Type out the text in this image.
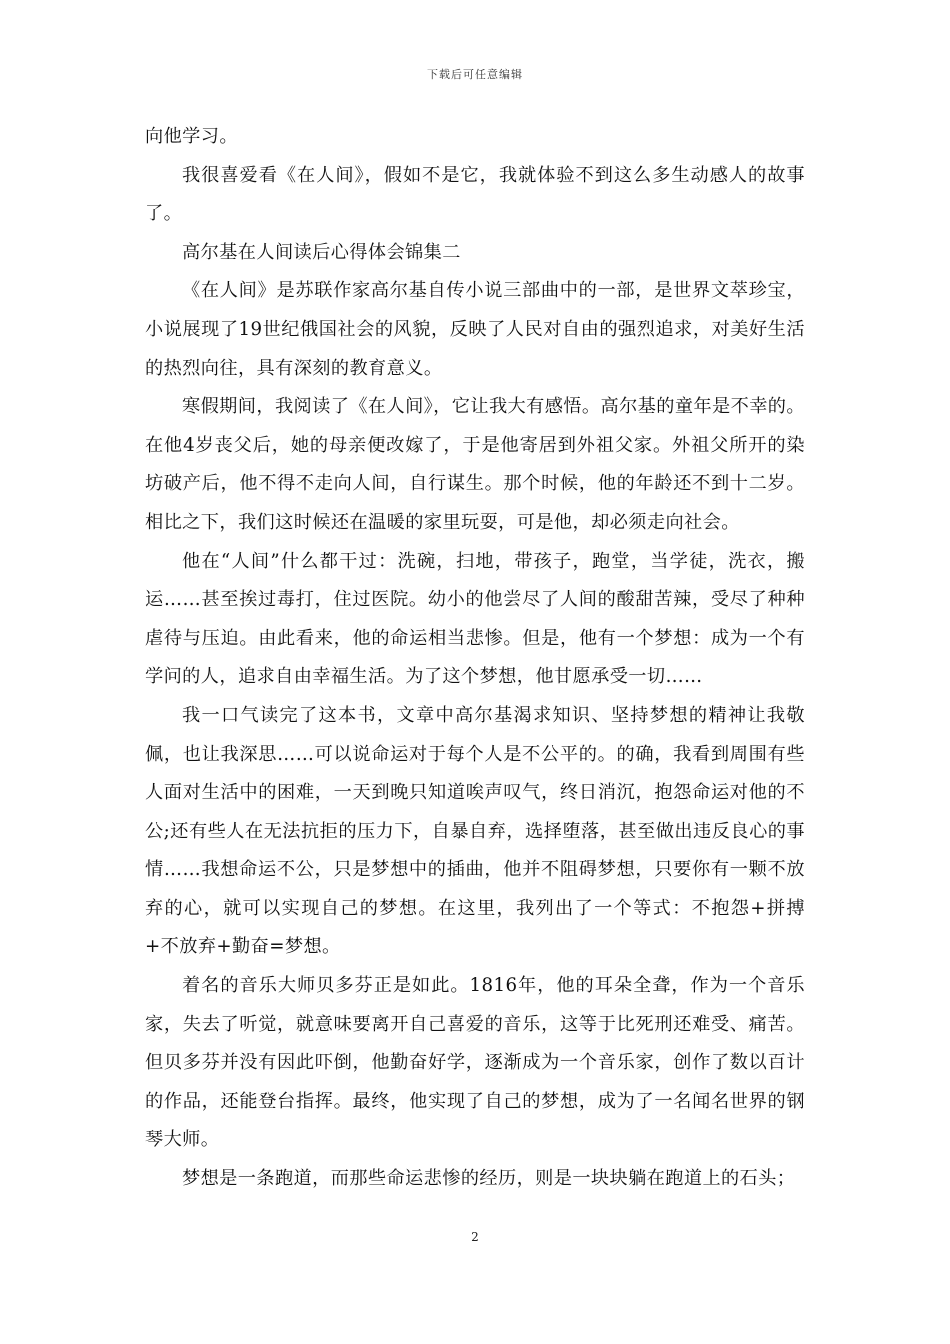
下载后可任意编辑

向他学习。

我很喜爱看《在人间》，假如不是它，我就体验不到这么多生动感人的故事了。

高尔基在人间读后心得体会锦集二

《在人间》是苏联作家高尔基自传小说三部曲中的一部，是世界文萃珍宝，小说展现了19世纪俄国社会的风貌，反映了人民对自由的强烈追求，对美好生活的热烈向往，具有深刻的教育意义。

寒假期间，我阅读了《在人间》，它让我大有感悟。高尔基的童年是不幸的。在他4岁丧父后，她的母亲便改嫁了，于是他寄居到外祖父家。外祖父所开的染坊破产后，他不得不走向人间，自行谋生。那个时候，他的年龄还不到十二岁。相比之下，我们这时候还在温暖的家里玩耍，可是他，却必须走向社会。

他在“人间”什么都干过：洗碗，扫地，带孩子，跑堂，当学徒，洗衣，搬运……甚至挨过毒打，住过医院。幼小的他尝尽了人间的酸甜苦辣，受尽了种种虐待与压迫。由此看来，他的命运相当悲惨。但是，他有一个梦想：成为一个有学问的人，追求自由幸福生活。为了这个梦想，他甘愿承受一切……

我一口气读完了这本书，文章中高尔基渴求知识、坚持梦想的精神让我敬佩，也让我深思……可以说命运对于每个人是不公平的。的确，我看到周围有些人面对生活中的困难，一天到晚只知道唉声叹气，终日消沉，抱怨命运对他的不公;还有些人在无法抗拒的压力下，自暴自弃，选择堕落，甚至做出违反良心的事情……我想命运不公，只是梦想中的插曲，他并不阻碍梦想，只要你有一颗不放弃的心，就可以实现自己的梦想。在这里，我列出了一个等式：不抱怨+拼搏+不放弃+勤奋=梦想。

着名的音乐大师贝多芬正是如此。1816年，他的耳朵全聋，作为一个音乐家，失去了听觉，就意味要离开自己喜爱的音乐，这等于比死刑还难受、痛苦。但贝多芬并没有因此吓倒，他勤奋好学，逐渐成为一个音乐家，创作了数以百计的作品，还能登台指挥。最终，他实现了自己的梦想，成为了一名闻名世界的钢琴大师。

梦想是一条跑道，而那些命运悲惨的经历，则是一块块躺在跑道上的石头；

2
